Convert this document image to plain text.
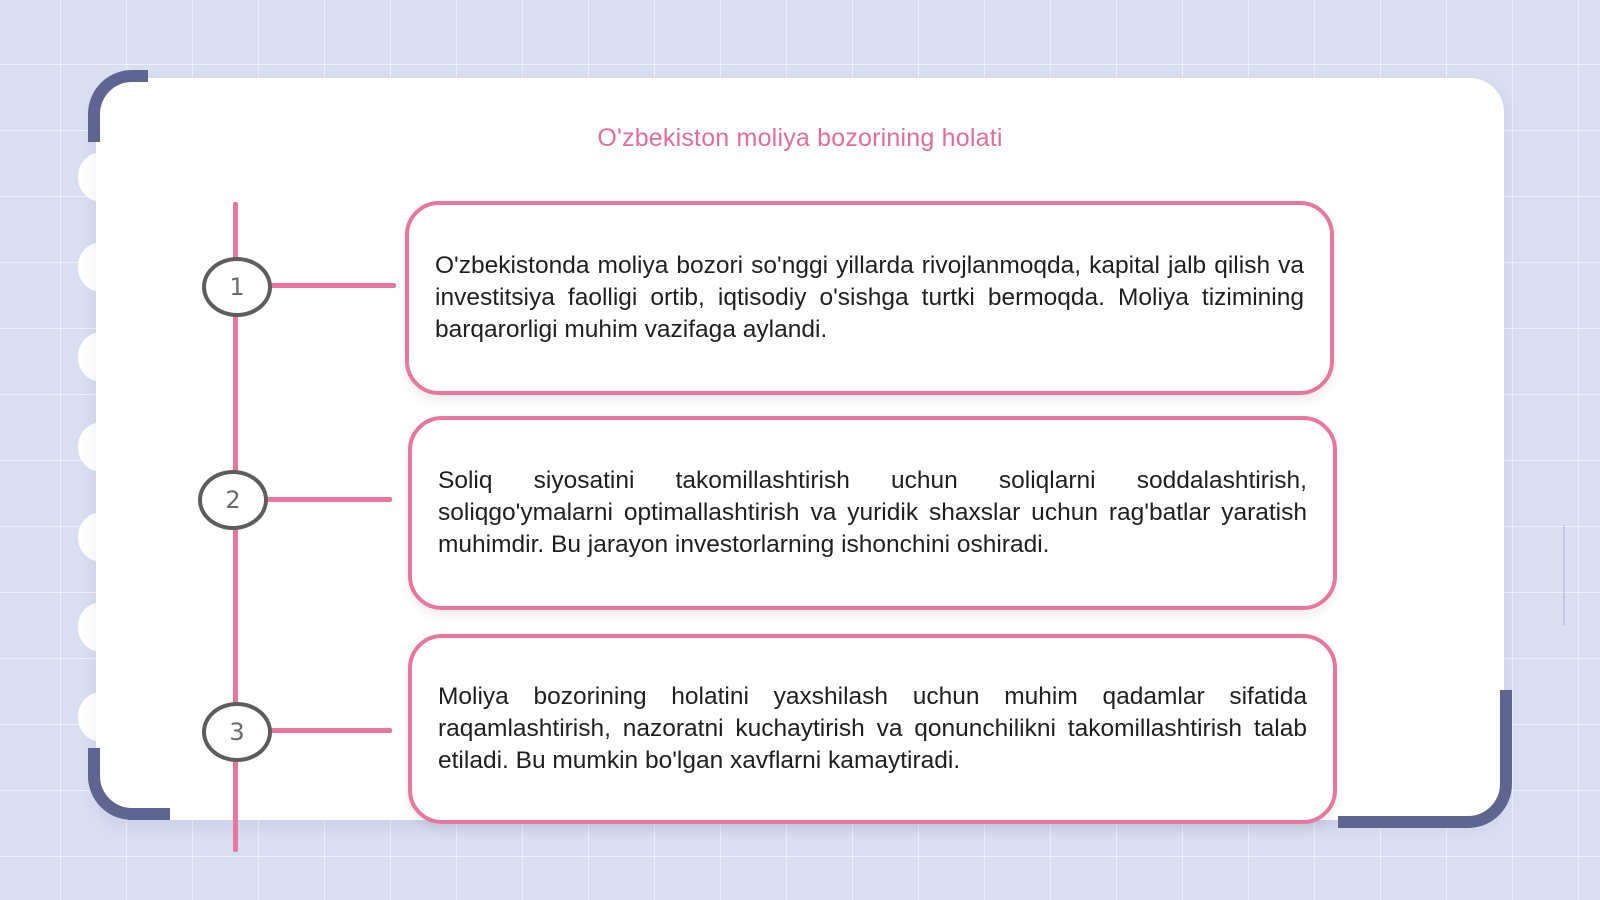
O'zbekiston moliya bozorining holati
1

O'zbekistonda moliya bozori so'nggi yillarda rivojlanmoqda, kapital jalb qilish va investitsiya faolligi ortib, iqtisodiy o'sishga turtki bermoqda. Moliya tizimining barqarorligi muhim vazifaga aylandi.

2

Soliq siyosatini takomillashtirish uchun soliqlarni soddalashtirish, soliqgo'ymalarni optimallashtirish va yuridik shaxslar uchun rag'batlar yaratish muhimdir. Bu jarayon investorlarning ishonchini oshiradi.

3

Moliya bozorining holatini yaxshilash uchun muhim qadamlar sifatida raqamlashtirish, nazoratni kuchaytirish va qonunchilikni takomillashtirish talab etiladi. Bu mumkin bo'lgan xavflarni kamaytiradi.
